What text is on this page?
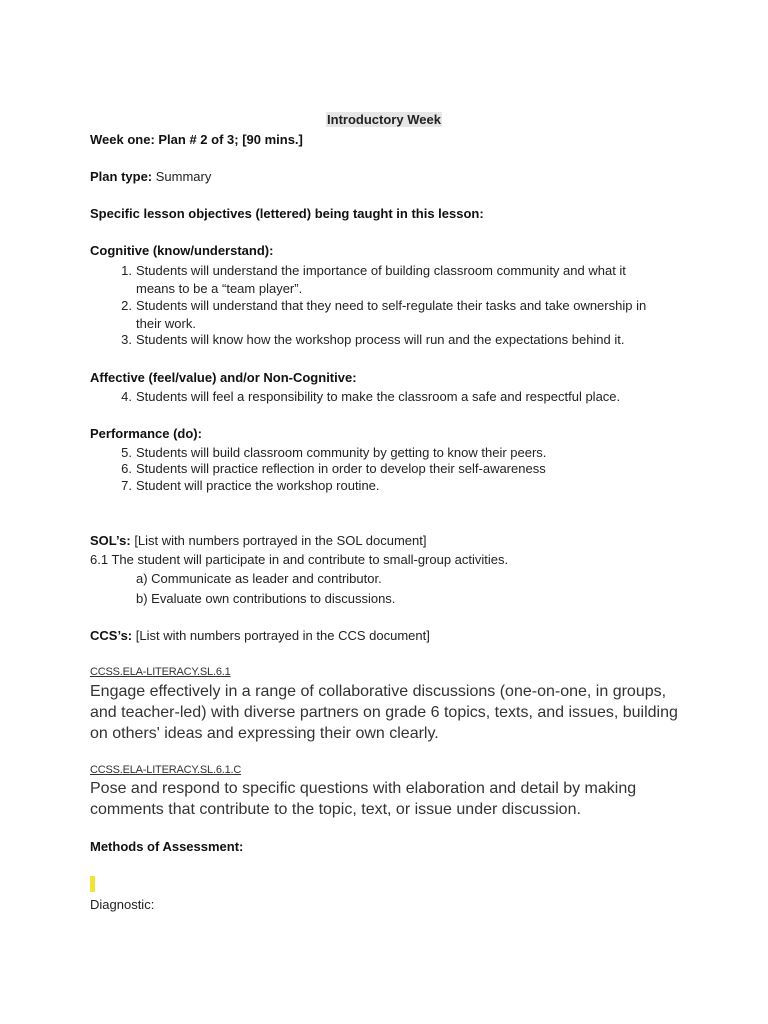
Introductory Week
Week one: Plan # 2 of 3; [90 mins.]
Plan type: Summary
Specific lesson objectives (lettered) being taught in this lesson:
Cognitive (know/understand):
1. Students will understand the importance of building classroom community and what it
means to be a “team player”.
2. Students will understand that they need to self-regulate their tasks and take ownership in
their work.
3. Students will know how the workshop process will run and the expectations behind it.
Affective (feel/value) and/or Non-Cognitive:
4. Students will feel a responsibility to make the classroom a safe and respectful place.
Performance (do):
5. Students will build classroom community by getting to know their peers.
6. Students will practice reflection in order to develop their self-awareness
7. Student will practice the workshop routine.
SOL’s: [List with numbers portrayed in the SOL document]
6.1 The student will participate in and contribute to small-group activities.
a) Communicate as leader and contributor.
b) Evaluate own contributions to discussions.
CCS’s: [List with numbers portrayed in the CCS document]
CCSS.ELA-LITERACY.SL.6.1
Engage effectively in a range of collaborative discussions (one-on-one, in groups, and teacher-led) with diverse partners on grade 6 topics, texts, and issues, building on others' ideas and expressing their own clearly.
CCSS.ELA-LITERACY.SL.6.1.C
Pose and respond to specific questions with elaboration and detail by making comments that contribute to the topic, text, or issue under discussion.
Methods of Assessment:
Diagnostic:
